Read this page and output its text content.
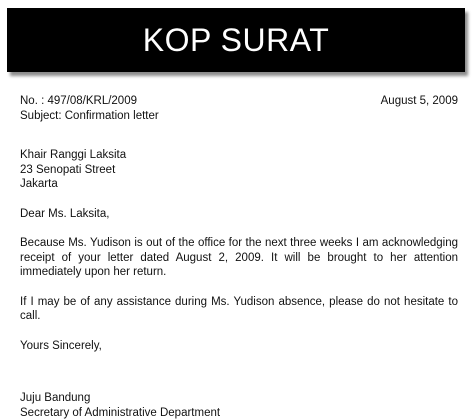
KOP SURAT
No. : 497/08/KRL/2009	August 5, 2009
Subject: Confirmation letter
Khair Ranggi Laksita
23 Senopati Street
Jakarta
Dear Ms. Laksita,

Because Ms. Yudison is out of the office for the next three weeks I am acknowledging receipt of your letter dated August 2, 2009. It will be brought to her attention immediately upon her return.

If I may be of any assistance during Ms. Yudison absence, please do not hesitate to call.

Yours Sincerely,
Juju Bandung
Secretary of Administrative Department
